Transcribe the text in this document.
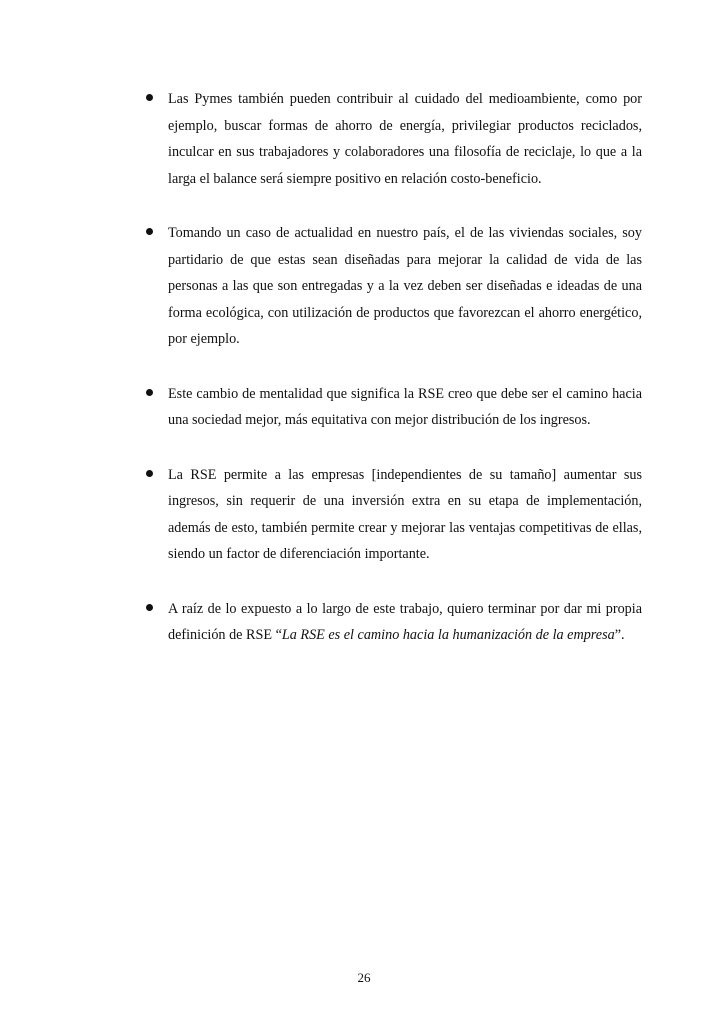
Las Pymes también pueden contribuir al cuidado del medioambiente, como por ejemplo, buscar formas de ahorro de energía, privilegiar productos reciclados, inculcar en sus trabajadores y colaboradores una filosofía de reciclaje, lo que a la larga el balance será siempre positivo en relación costo-beneficio.
Tomando un caso de actualidad en nuestro país, el de las viviendas sociales, soy partidario de que estas sean diseñadas para mejorar la calidad de vida de las personas a las que son entregadas y a la vez deben ser diseñadas e ideadas de una forma ecológica, con utilización de productos que favorezcan el ahorro energético, por ejemplo.
Este cambio de mentalidad que significa la RSE creo que debe ser el camino hacia una sociedad mejor, más equitativa con mejor distribución de los ingresos.
La RSE permite a las empresas [independientes de su tamaño] aumentar sus ingresos, sin requerir de una inversión extra en su etapa de implementación, además de esto, también permite crear y mejorar las ventajas competitivas de ellas, siendo un factor de diferenciación importante.
A raíz de lo expuesto a lo largo de este trabajo, quiero terminar por dar mi propia definición de RSE “La RSE es el camino hacia la humanización de la empresa”.
26
